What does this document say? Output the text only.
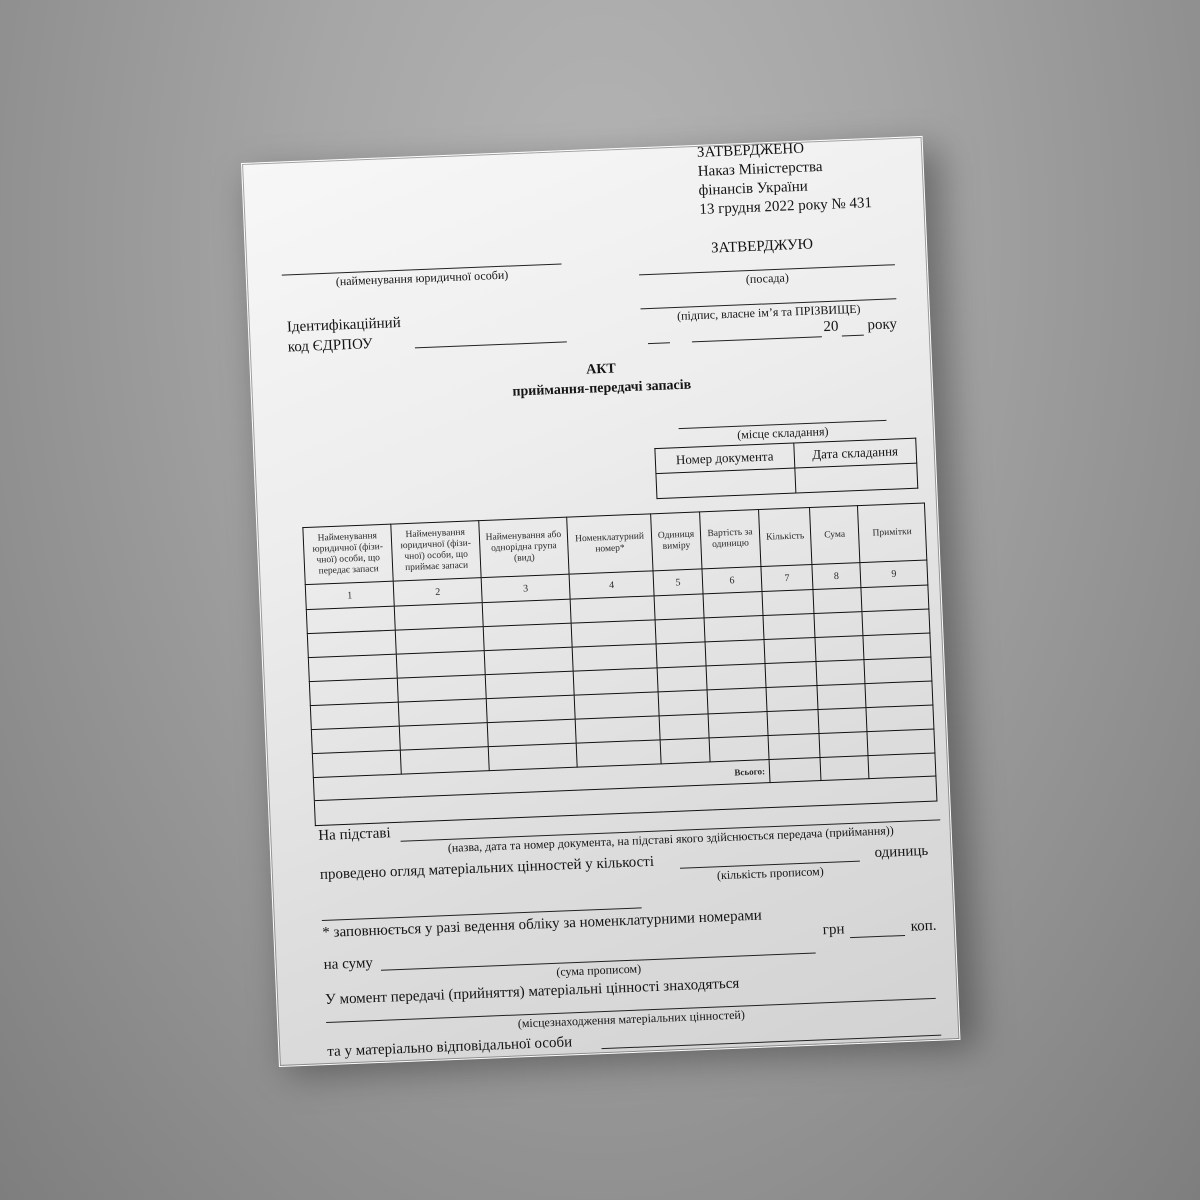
ЗАТВЕРДЖЕНО
Наказ Міністерства
фінансів України
13 грудня 2022 року № 431
(найменування юридичної особи)
Ідентифікаційний
код ЄДРПОУ
ЗАТВЕРДЖУЮ
(посада)
(підпис, власне ім’я та ПРІЗВИЩЕ)
20 року
АКТ
приймання-передачі запасів
(місце складання)
Номер документа	Дата складання

Найменування юридичної (фізи-чної) особи, що передає запаси	Найменування юридичної (фізи-чної) особи, що приймає запаси	Найменування або однорідна група (вид)	Номенклатурний номер*	Одиниця виміру	Вартість за одиницю	Кількість	Сума	Примітки
1	2	3	4	5	6	7	8	9

Всього:								

На підставі	(назва, дата та номер документа, на підставі якого здійснюється передача (приймання))
проведено огляд матеріальних цінностей у кількості
одиниць
(кількість прописом)
* заповнюється у разі ведення обліку за номенклатурними номерами
на суму
грн	коп.
(сума прописом)
У момент передачі (прийняття) матеріальні цінності знаходяться
(місцезнаходження матеріальних цінностей)
та у матеріально відповідальної особи	(посада, власне ім’я та ПРІЗВИЩЕ)
